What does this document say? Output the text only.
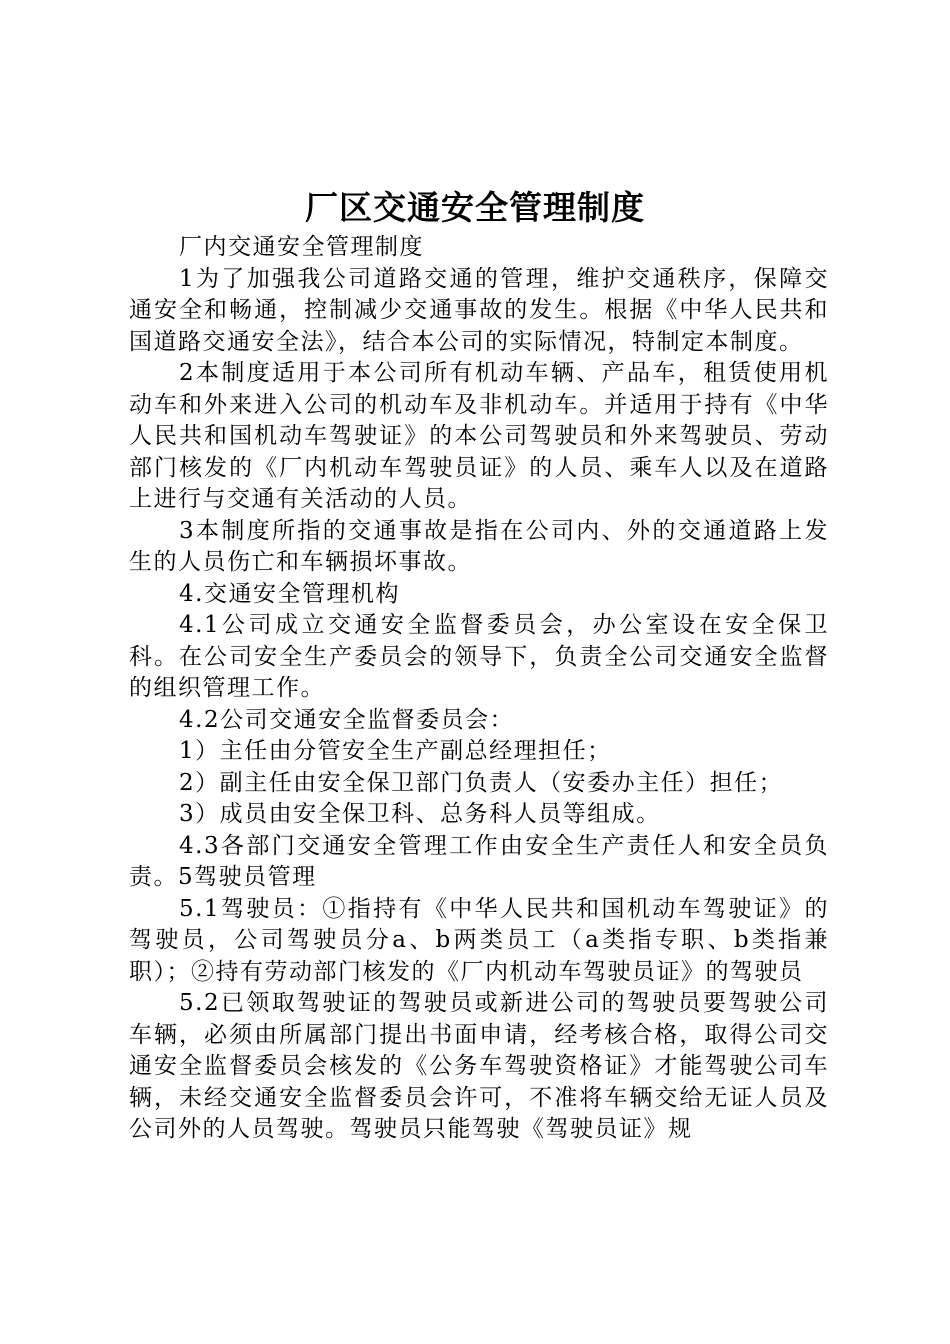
厂区交通安全管理制度

厂内交通安全管理制度

1为了加强我公司道路交通的管理，维护交通秩序，保障交通安全和畅通，控制减少交通事故的发生。根据《中华人民共和国道路交通安全法》，结合本公司的实际情况，特制定本制度。

2本制度适用于本公司所有机动车辆、产品车，租赁使用机动车和外来进入公司的机动车及非机动车。并适用于持有《中华人民共和国机动车驾驶证》的本公司驾驶员和外来驾驶员、劳动部门核发的《厂内机动车驾驶员证》的人员、乘车人以及在道路上进行与交通有关活动的人员。

3本制度所指的交通事故是指在公司内、外的交通道路上发生的人员伤亡和车辆损坏事故。

4.交通安全管理机构

4.1公司成立交通安全监督委员会，办公室设在安全保卫科。在公司安全生产委员会的领导下，负责全公司交通安全监督的组织管理工作。

4.2公司交通安全监督委员会：

1）主任由分管安全生产副总经理担任；

2）副主任由安全保卫部门负责人（安委办主任）担任；

3）成员由安全保卫科、总务科人员等组成。

4.3各部门交通安全管理工作由安全生产责任人和安全员负责。5驾驶员管理

5.1驾驶员：①指持有《中华人民共和国机动车驾驶证》的驾驶员，公司驾驶员分a、b两类员工（a类指专职、b类指兼职）；②持有劳动部门核发的《厂内机动车驾驶员证》的驾驶员

5.2已领取驾驶证的驾驶员或新进公司的驾驶员要驾驶公司车辆，必须由所属部门提出书面申请，经考核合格，取得公司交通安全监督委员会核发的《公务车驾驶资格证》才能驾驶公司车辆，未经交通安全监督委员会许可，不准将车辆交给无证人员及公司外的人员驾驶。驾驶员只能驾驶《驾驶员证》规
